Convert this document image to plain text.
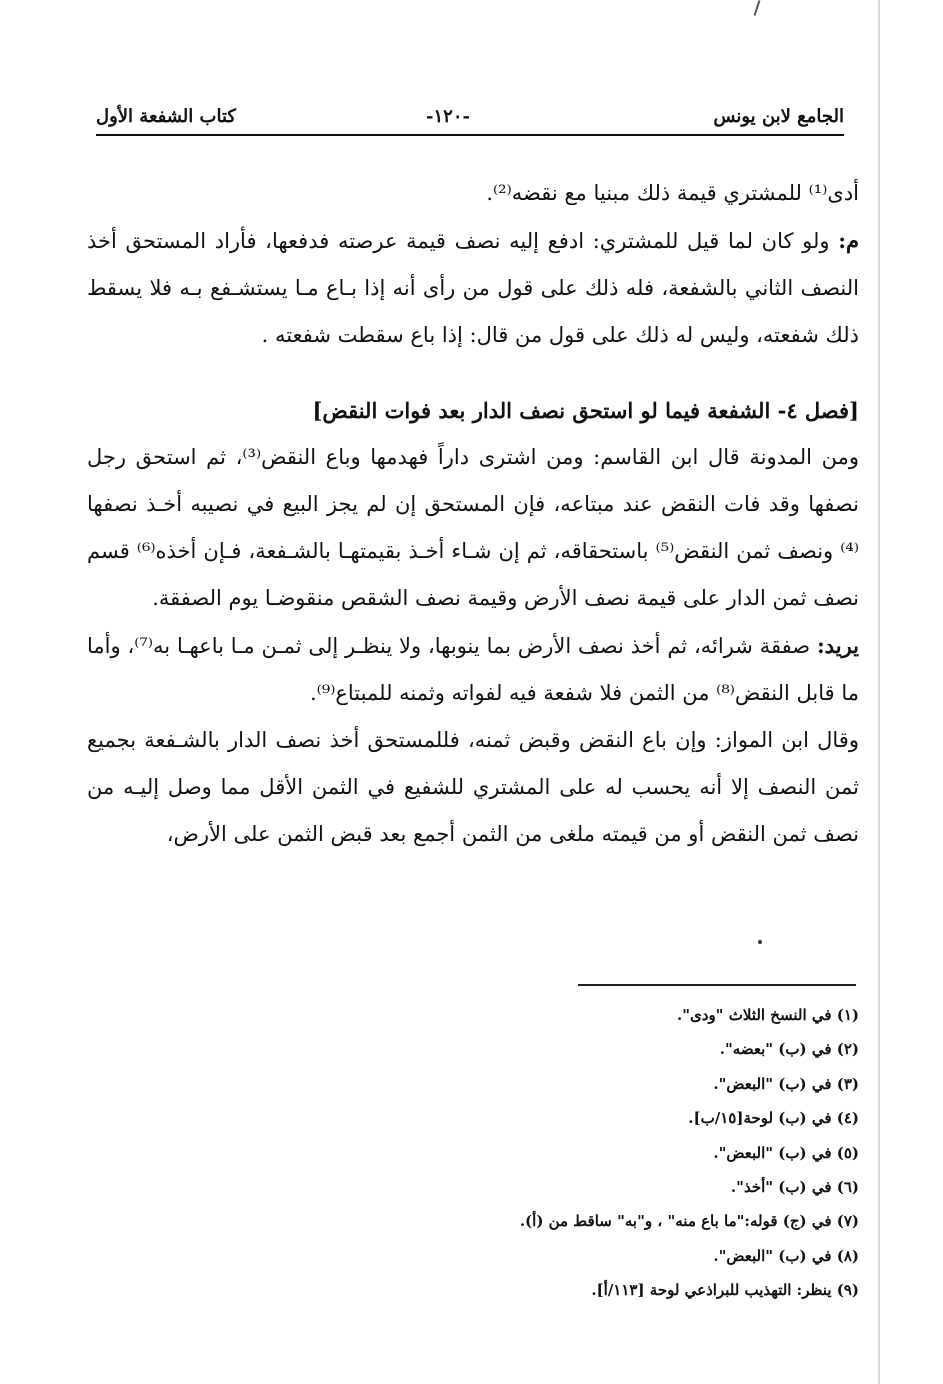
الجامع لابن يونس
-١٢٠-
كتاب الشفعة الأول

أدى⁽¹⁾ للمشتري قيمة ذلك مبنيا مع نقضه⁽²⁾.

م: ولو كان لما قيل للمشتري: ادفع إليه نصف قيمة عرصته فدفعها، فأراد المستحق أخذ النصف الثاني بالشفعة، فله ذلك على قول من رأى أنه إذا بـاع مـا يستشـفع بـه فلا يسقط ذلك شفعته، وليس له ذلك على قول من قال: إذا باع سقطت شفعته .

[فصل ٤- الشفعة فيما لو استحق نصف الدار بعد فوات النقض]

ومن المدونة قال ابن القاسم: ومن اشترى داراً فهدمها وباع النقض⁽³⁾، ثم استحق رجل نصفها وقد فات النقض عند مبتاعه، فإن المستحق إن لم يجز البيع في نصيبه أخـذ نصفها ⁽⁴⁾ ونصف ثمن النقض⁽⁵⁾ باستحقاقه، ثم إن شـاء أخـذ بقيمتهـا بالشـفعة، فـإن أخذه⁽⁶⁾ قسم نصف ثمن الدار على قيمة نصف الأرض وقيمة نصف الشقص منقوضـا يوم الصفقة.

يريد: صفقة شرائه، ثم أخذ نصف الأرض بما ينوبها، ولا ينظـر إلى ثمـن مـا باعهـا به⁽⁷⁾، وأما ما قابل النقض⁽⁸⁾ من الثمن فلا شفعة فيه لفواته وثمنه للمبتاع⁽⁹⁾.

وقال ابن المواز: وإن باع النقض وقبض ثمنه، فللمستحق أخذ نصف الدار بالشـفعة بجميع ثمن النصف إلا أنه يحسب له على المشتري للشفيع في الثمن الأقل مما وصل إليـه من نصف ثمن النقض أو من قيمته ملغى من الثمن أجمع بعد قبض الثمن على الأرض،

(١) في النسخ الثلاث "ودى".
(٢) في (ب) "بعضه".
(٣) في (ب) "البعض".
(٤) في (ب) لوحة[١٥/ب].
(٥) في (ب) "البعض".
(٦) في (ب) "أخذ".
(٧) في (ج) قوله:"ما باع منه" ، و"به" ساقط من (أ).
(٨) في (ب) "البعض".
(٩) ينظر: التهذيب للبراذعي لوحة [١١٣/أ].
